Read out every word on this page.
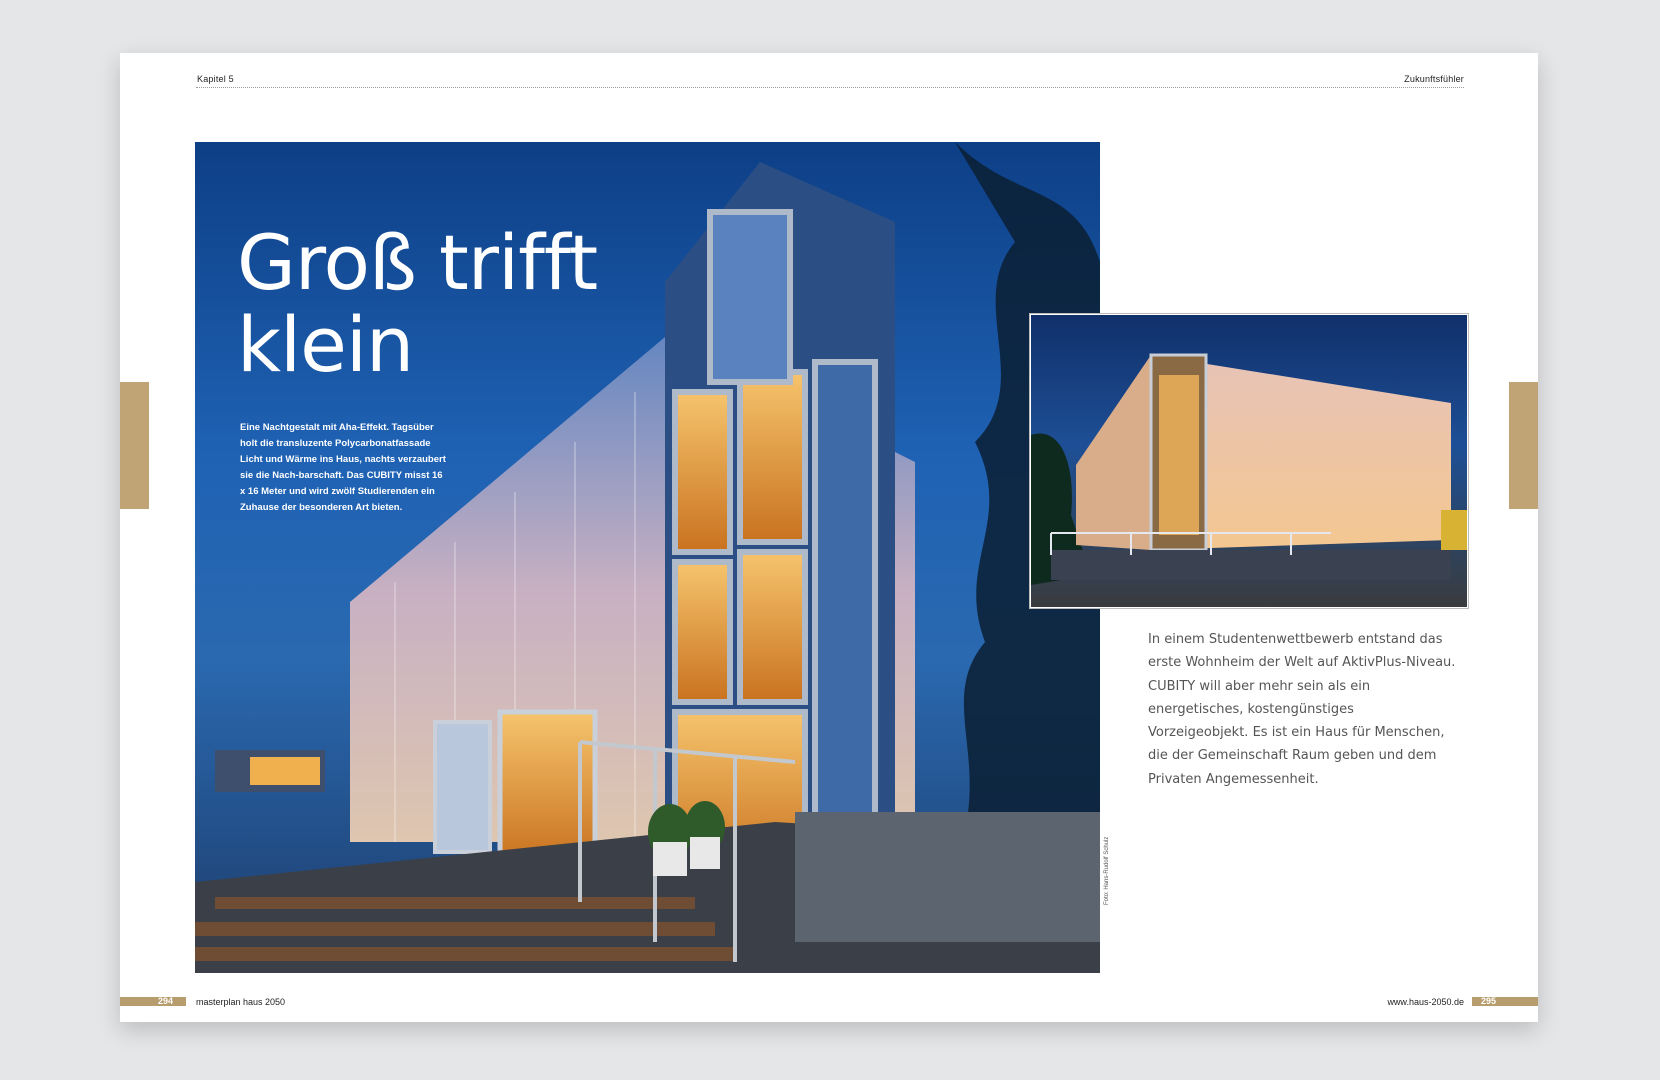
Kapitel 5	Zukunftsfühler
Groß trifft
klein

Eine Nachtgestalt mit Aha-Effekt. Tagsüber holt die transluzente Polycarbonatfassade Licht und Wärme ins Haus, nachts verzaubert sie die Nach-barschaft. Das CUBITY misst 16 x 16 Meter und wird zwölf Studierenden ein Zuhause der besonderen Art bieten.

Foto: Hans-Rudolf Schulz

In einem Studentenwettbewerb entstand das erste Wohnheim der Welt auf AktivPlus-Niveau. CUBITY will aber mehr sein als ein energetisches, kostengünstiges Vorzeigeobjekt. Es ist ein Haus für Menschen, die der Gemeinschaft Raum geben und dem Privaten Angemessenheit.

294	masterplan haus 2050	www.haus-2050.de 295
